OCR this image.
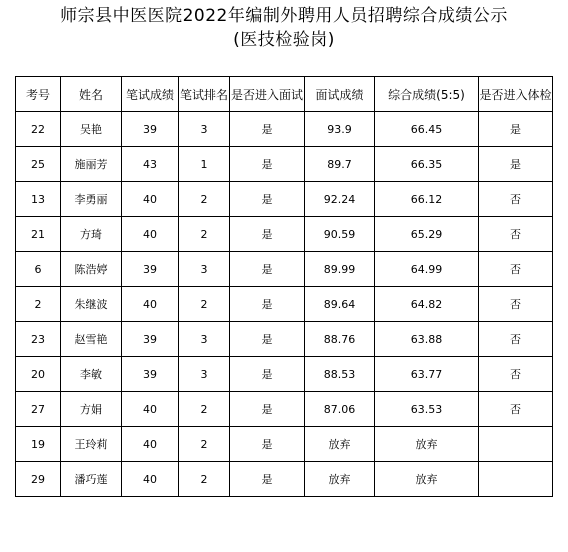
师宗县中医医院2022年编制外聘用人员招聘综合成绩公示
(医技检验岗)
考号	姓名	笔试成绩	笔试排名	是否进入面试	面试成绩	综合成绩(5:5)	是否进入体检
22	吴艳	39	3	是	93.9	66.45	是
25	施丽芳	43	1	是	89.7	66.35	是
13	李勇丽	40	2	是	92.24	66.12	否
21	方琦	40	2	是	90.59	65.29	否
6	陈浩婷	39	3	是	89.99	64.99	否
2	朱继波	40	2	是	89.64	64.82	否
23	赵雪艳	39	3	是	88.76	63.88	否
20	李敏	39	3	是	88.53	63.77	否
27	方娟	40	2	是	87.06	63.53	否
19	王玲莉	40	2	是	放弃	放弃	
29	潘巧莲	40	2	是	放弃	放弃	
